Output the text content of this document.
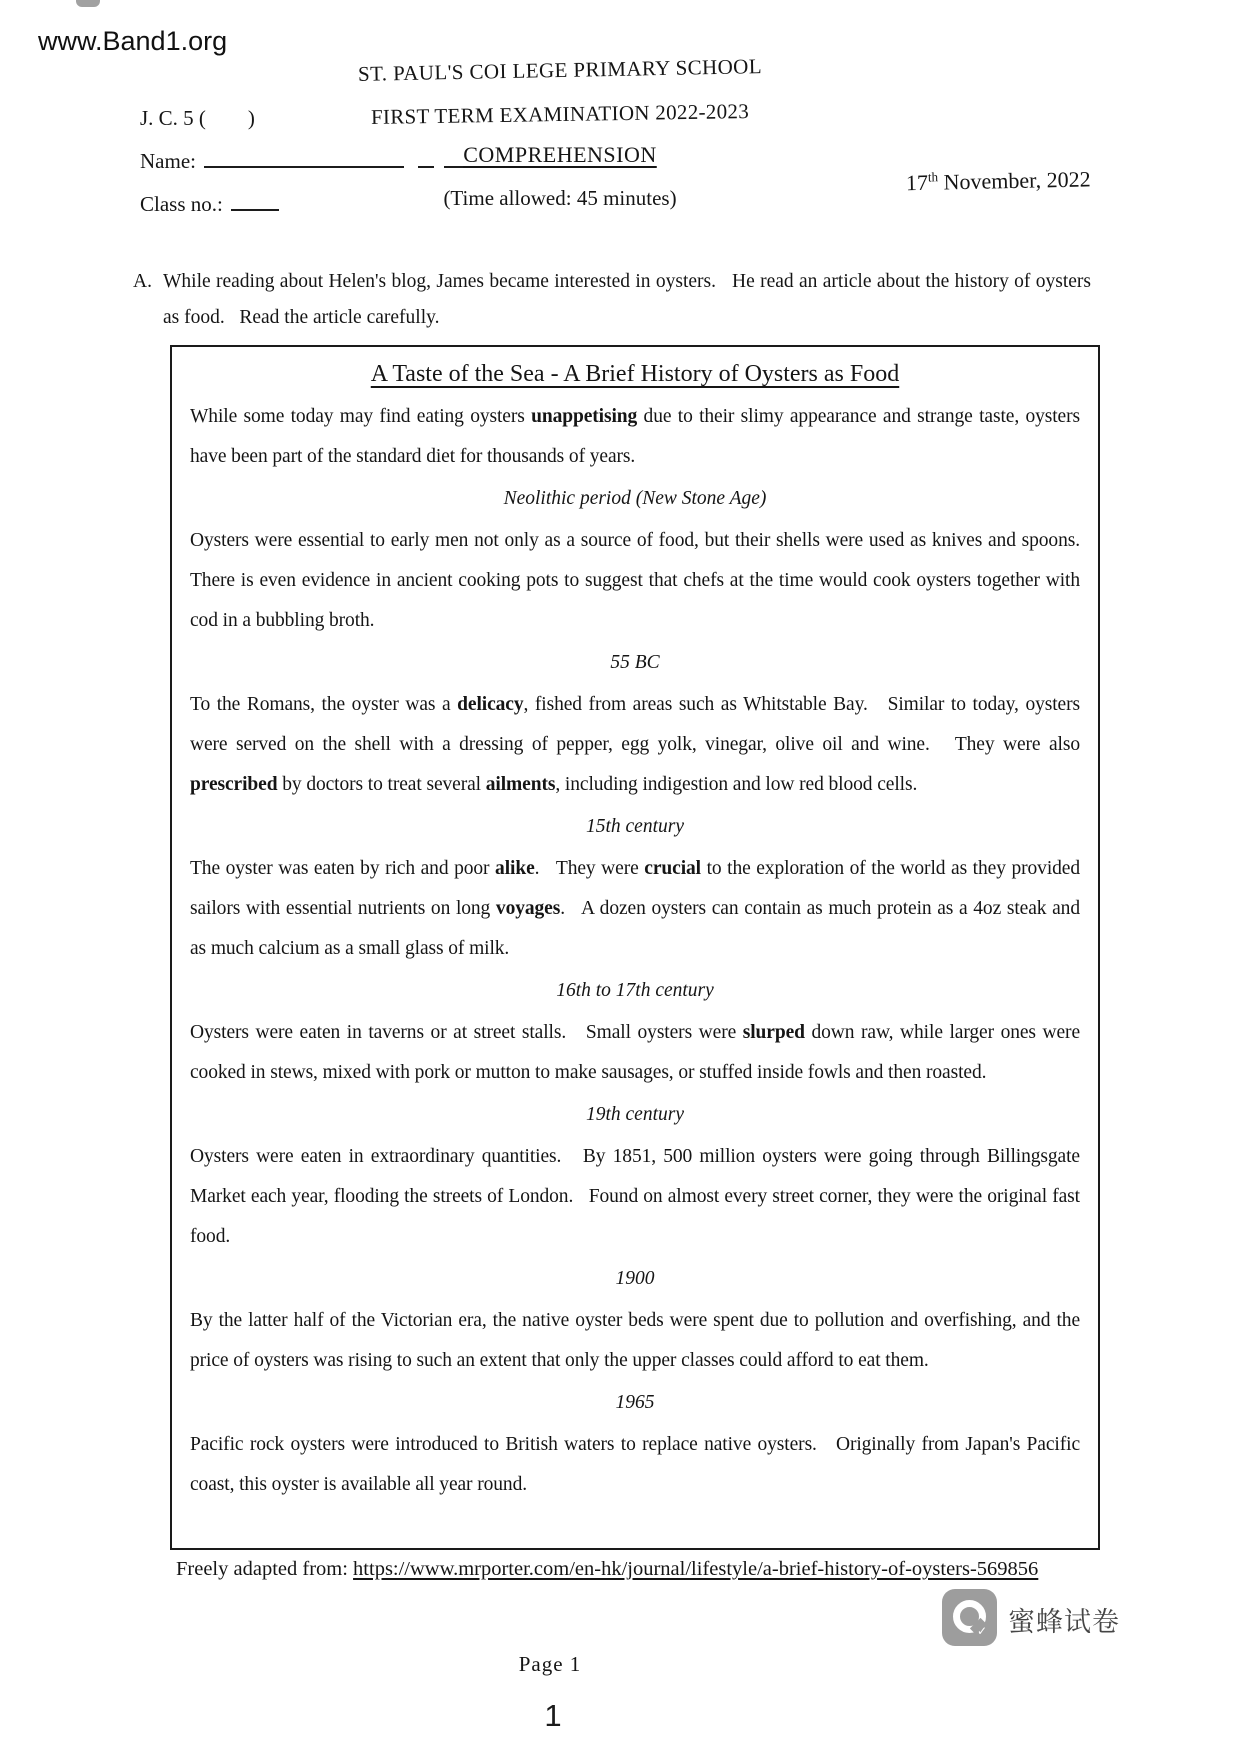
www.Band1.org
ST. PAUL'S COI LEGE PRIMARY SCHOOL
J. C. 5 (        )	FIRST TERM EXAMINATION 2022-2023
Name:	COMPREHENSION
Class no.:	(Time allowed: 45 minutes)
17th November, 2022
A. While reading about Helen's blog, James became interested in oysters.   He read an article about the history of oysters as food.   Read the article carefully.
A Taste of the Sea - A Brief History of Oysters as Food

While some today may find eating oysters unappetising due to their slimy appearance and strange taste, oysters have been part of the standard diet for thousands of years.

Neolithic period (New Stone Age)

Oysters were essential to early men not only as a source of food, but their shells were used as knives and spoons.   There is even evidence in ancient cooking pots to suggest that chefs at the time would cook oysters together with cod in a bubbling broth.

55 BC

To the Romans, the oyster was a delicacy, fished from areas such as Whitstable Bay.   Similar to today, oysters were served on the shell with a dressing of pepper, egg yolk, vinegar, olive oil and wine.   They were also prescribed by doctors to treat several ailments, including indigestion and low red blood cells.

15th century

The oyster was eaten by rich and poor alike.   They were crucial to the exploration of the world as they provided sailors with essential nutrients on long voyages.   A dozen oysters can contain as much protein as a 4oz steak and as much calcium as a small glass of milk.

16th to 17th century

Oysters were eaten in taverns or at street stalls.   Small oysters were slurped down raw, while larger ones were cooked in stews, mixed with pork or mutton to make sausages, or stuffed inside fowls and then roasted.

19th century

Oysters were eaten in extraordinary quantities.   By 1851, 500 million oysters were going through Billingsgate Market each year, flooding the streets of London.   Found on almost every street corner, they were the original fast food.

1900

By the latter half of the Victorian era, the native oyster beds were spent due to pollution and overfishing, and the price of oysters was rising to such an extent that only the upper classes could afford to eat them.

1965

Pacific rock oysters were introduced to British waters to replace native oysters.   Originally from Japan's Pacific coast, this oyster is available all year round.

Freely adapted from: https://www.mrporter.com/en-hk/journal/lifestyle/a-brief-history-of-oysters-569856
✓ 蜜蜂试卷
Page 1
1
